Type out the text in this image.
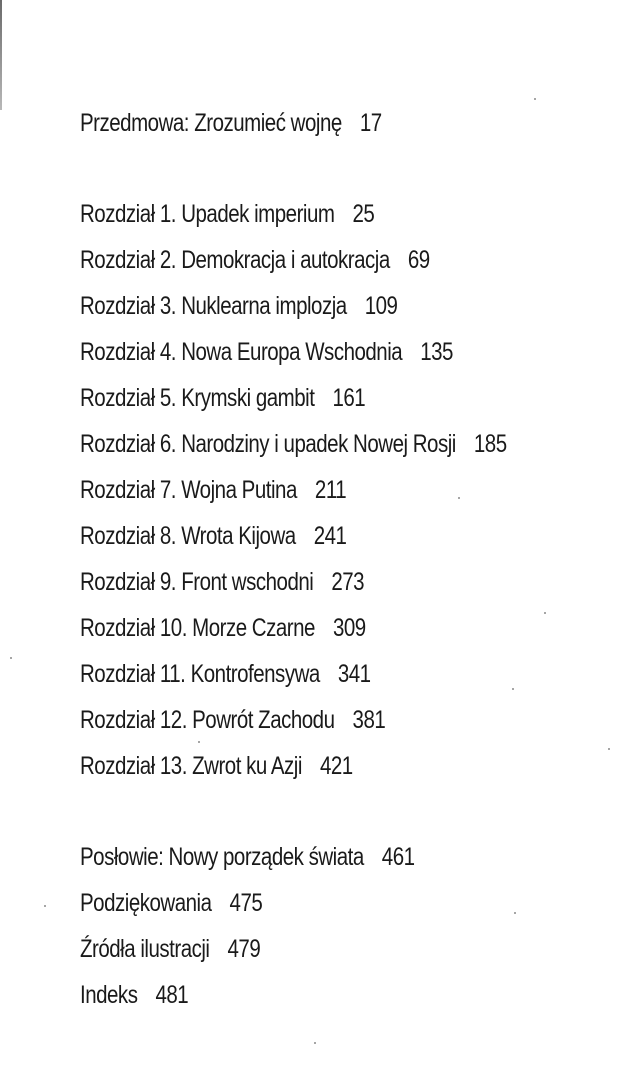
Przedmowa: Zrozumieć wojnę 17
Rozdział 1. Upadek imperium 25
Rozdział 2. Demokracja i autokracja 69
Rozdział 3. Nuklearna implozja 109
Rozdział 4. Nowa Europa Wschodnia 135
Rozdział 5. Krymski gambit 161
Rozdział 6. Narodziny i upadek Nowej Rosji 185
Rozdział 7. Wojna Putina 211
Rozdział 8. Wrota Kijowa 241
Rozdział 9. Front wschodni 273
Rozdział 10. Morze Czarne 309
Rozdział 11. Kontrofensywa 341
Rozdział 12. Powrót Zachodu 381
Rozdział 13. Zwrot ku Azji 421
Posłowie: Nowy porządek świata 461
Podziękowania 475
Źródła ilustracji 479
Indeks 481
